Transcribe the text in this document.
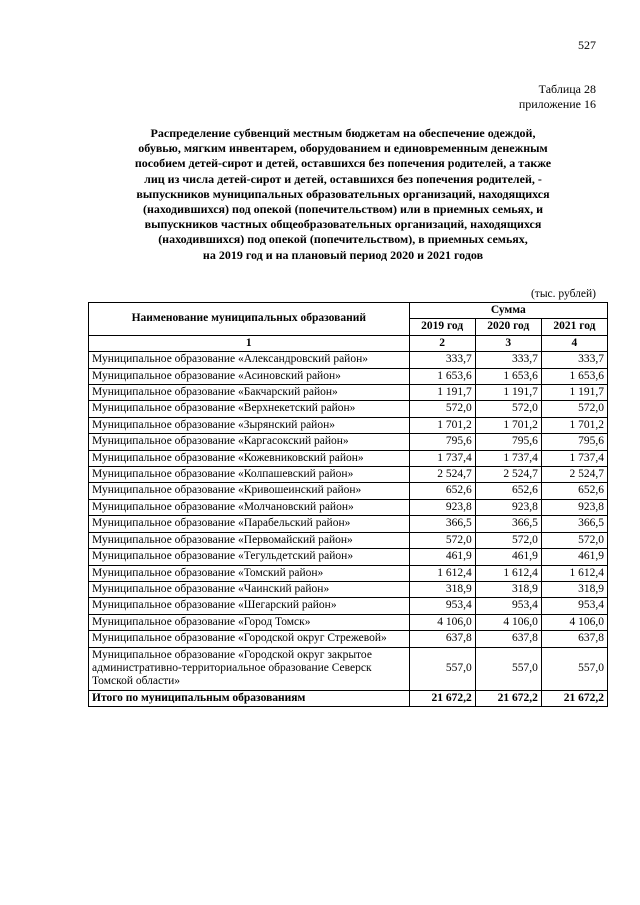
527
Таблица 28
приложение 16
Распределение субвенций местным бюджетам на обеспечение одеждой,
обувью, мягким инвентарем, оборудованием и единовременным денежным
пособием детей-сирот и детей, оставшихся без попечения родителей, а также
лиц из числа детей-сирот и детей, оставшихся без попечения родителей, -
выпускников муниципальных образовательных организаций, находящихся
(находившихся) под опекой (попечительством) или в приемных семьях, и
выпускников частных общеобразовательных организаций, находящихся
(находившихся) под опекой (попечительством), в приемных семьях,
на 2019 год и на плановый период 2020 и 2021 годов
(тыс. рублей)
Наименование муниципальных образований	Сумма		
	2019 год	2020 год	2021 год
1	2	3	4
Муниципальное образование «Александровский район»	333,7	333,7	333,7
Муниципальное образование «Асиновский район»	1 653,6	1 653,6	1 653,6
Муниципальное образование «Бакчарский район»	1 191,7	1 191,7	1 191,7
Муниципальное образование «Верхнекетский район»	572,0	572,0	572,0
Муниципальное образование «Зырянский район»	1 701,2	1 701,2	1 701,2
Муниципальное образование «Каргасокский район»	795,6	795,6	795,6
Муниципальное образование «Кожевниковский район»	1 737,4	1 737,4	1 737,4
Муниципальное образование «Колпашевский район»	2 524,7	2 524,7	2 524,7
Муниципальное образование «Кривошеинский район»	652,6	652,6	652,6
Муниципальное образование «Молчановский район»	923,8	923,8	923,8
Муниципальное образование «Парабельский район»	366,5	366,5	366,5
Муниципальное образование «Первомайский район»	572,0	572,0	572,0
Муниципальное образование «Тегульдетский район»	461,9	461,9	461,9
Муниципальное образование «Томский район»	1 612,4	1 612,4	1 612,4
Муниципальное образование «Чаинский район»	318,9	318,9	318,9
Муниципальное образование «Шегарский район»	953,4	953,4	953,4
Муниципальное образование «Город Томск»	4 106,0	4 106,0	4 106,0
Муниципальное образование «Городской округ Стрежевой»	637,8	637,8	637,8
Муниципальное образование «Городской округ закрытое административно-территориальное образование Северск Томской области»	557,0	557,0	557,0
Итого по муниципальным образованиям	21 672,2	21 672,2	21 672,2
